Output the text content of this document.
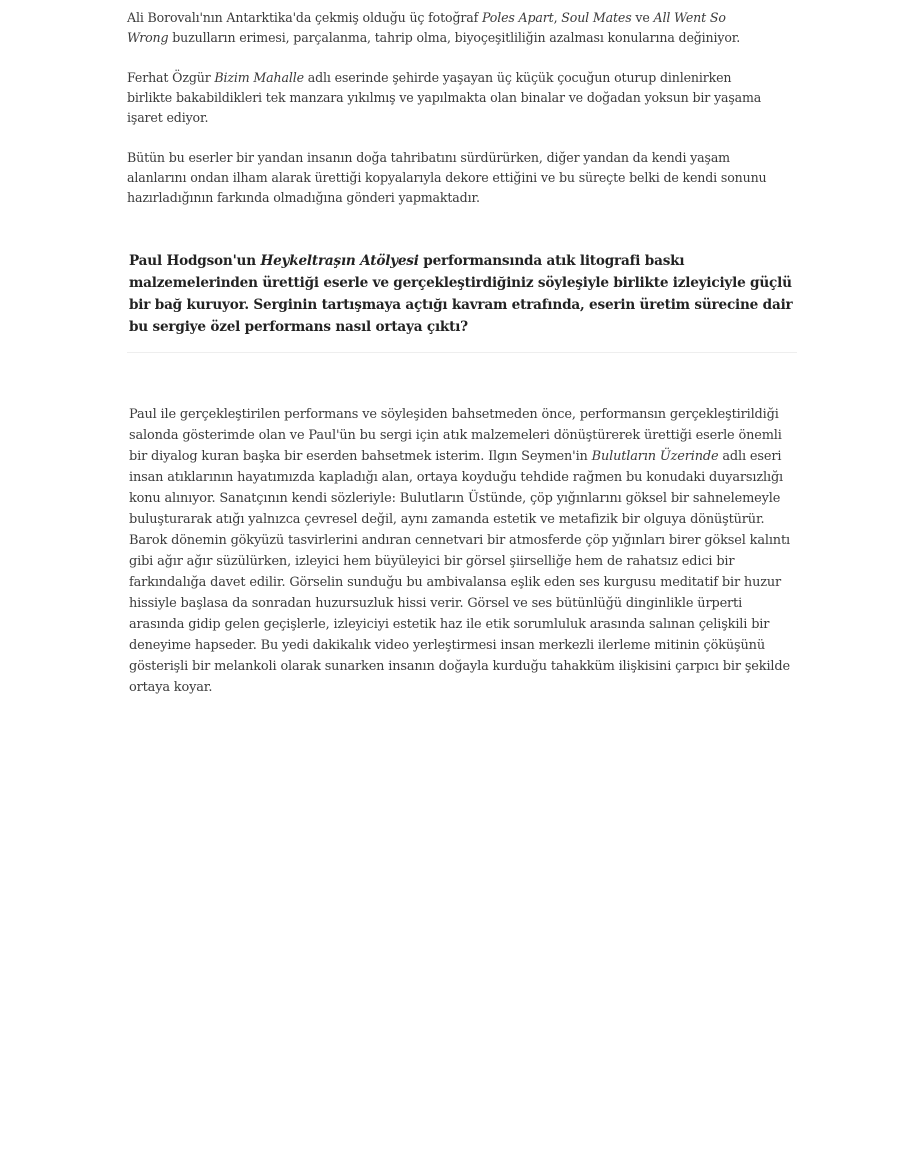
Ali Borovalı'nın Antarktika'da çekmiş olduğu üç fotoğraf Poles Apart, Soul Mates ve All Went So Wrong buzulların erimesi, parçalanma, tahrip olma, biyoçeşitliliğin azalması konularına değiniyor.

Ferhat Özgür Bizim Mahalle adlı eserinde şehirde yaşayan üç küçük çocuğun oturup dinlenirken birlikte bakabildikleri tek manzara yıkılmış ve yapılmakta olan binalar ve doğadan yoksun bir yaşama işaret ediyor.

Bütün bu eserler bir yandan insanın doğa tahribatını sürdürürken, diğer yandan da kendi yaşam alanlarını ondan ilham alarak ürettiği kopyalarıyla dekore ettiğini ve bu süreçte belki de kendi sonunu hazırladığının farkında olmadığına gönderi yapmaktadır.

Paul Hodgson'un Heykeltraşın Atölyesi performansında atık litografi baskı malzemelerinden ürettiği eserle ve gerçekleştirdiğiniz söyleşiyle birlikte izleyiciyle güçlü bir bağ kuruyor. Serginin tartışmaya açtığı kavram etrafında, eserin üretim sürecine dair bu sergiye özel performans nasıl ortaya çıktı?

Paul ile gerçekleştirilen performans ve söyleşiden bahsetmeden önce, performansın gerçekleştirildiği salonda gösterimde olan ve Paul'ün bu sergi için atık malzemeleri dönüştürerek ürettiği eserle önemli bir diyalog kuran başka bir eserden bahsetmek isterim. Ilgın Seymen'in Bulutların Üzerinde adlı eseri insan atıklarının hayatımızda kapladığı alan, ortaya koyduğu tehdide rağmen bu konudaki duyarsızlığı konu alınıyor. Sanatçının kendi sözleriyle: Bulutların Üstünde, çöp yığınlarını göksel bir sahnelemeyle buluşturarak atığı yalnızca çevresel değil, aynı zamanda estetik ve metafizik bir olguya dönüştürür. Barok dönemin gökyüzü tasvirlerini andıran cennetvari bir atmosferde çöp yığınları birer göksel kalıntı gibi ağır ağır süzülürken, izleyici hem büyüleyici bir görsel şiirselliğe hem de rahatsız edici bir farkındalığa davet edilir. Görselin sunduğu bu ambivalansa eşlik eden ses kurgusu meditatif bir huzur hissiyle başlasa da sonradan huzursuzluk hissi verir. Görsel ve ses bütünlüğü dinginlikle ürperti arasında gidip gelen geçişlerle, izleyiciyi estetik haz ile etik sorumluluk arasında salınan çelişkili bir deneyime hapseder. Bu yedi dakikalık video yerleştirmesi insan merkezli ilerleme mitinin çöküşünü gösterişli bir melankoli olarak sunarken insanın doğayla kurduğu tahakküm ilişkisini çarpıcı bir şekilde ortaya koyar.
